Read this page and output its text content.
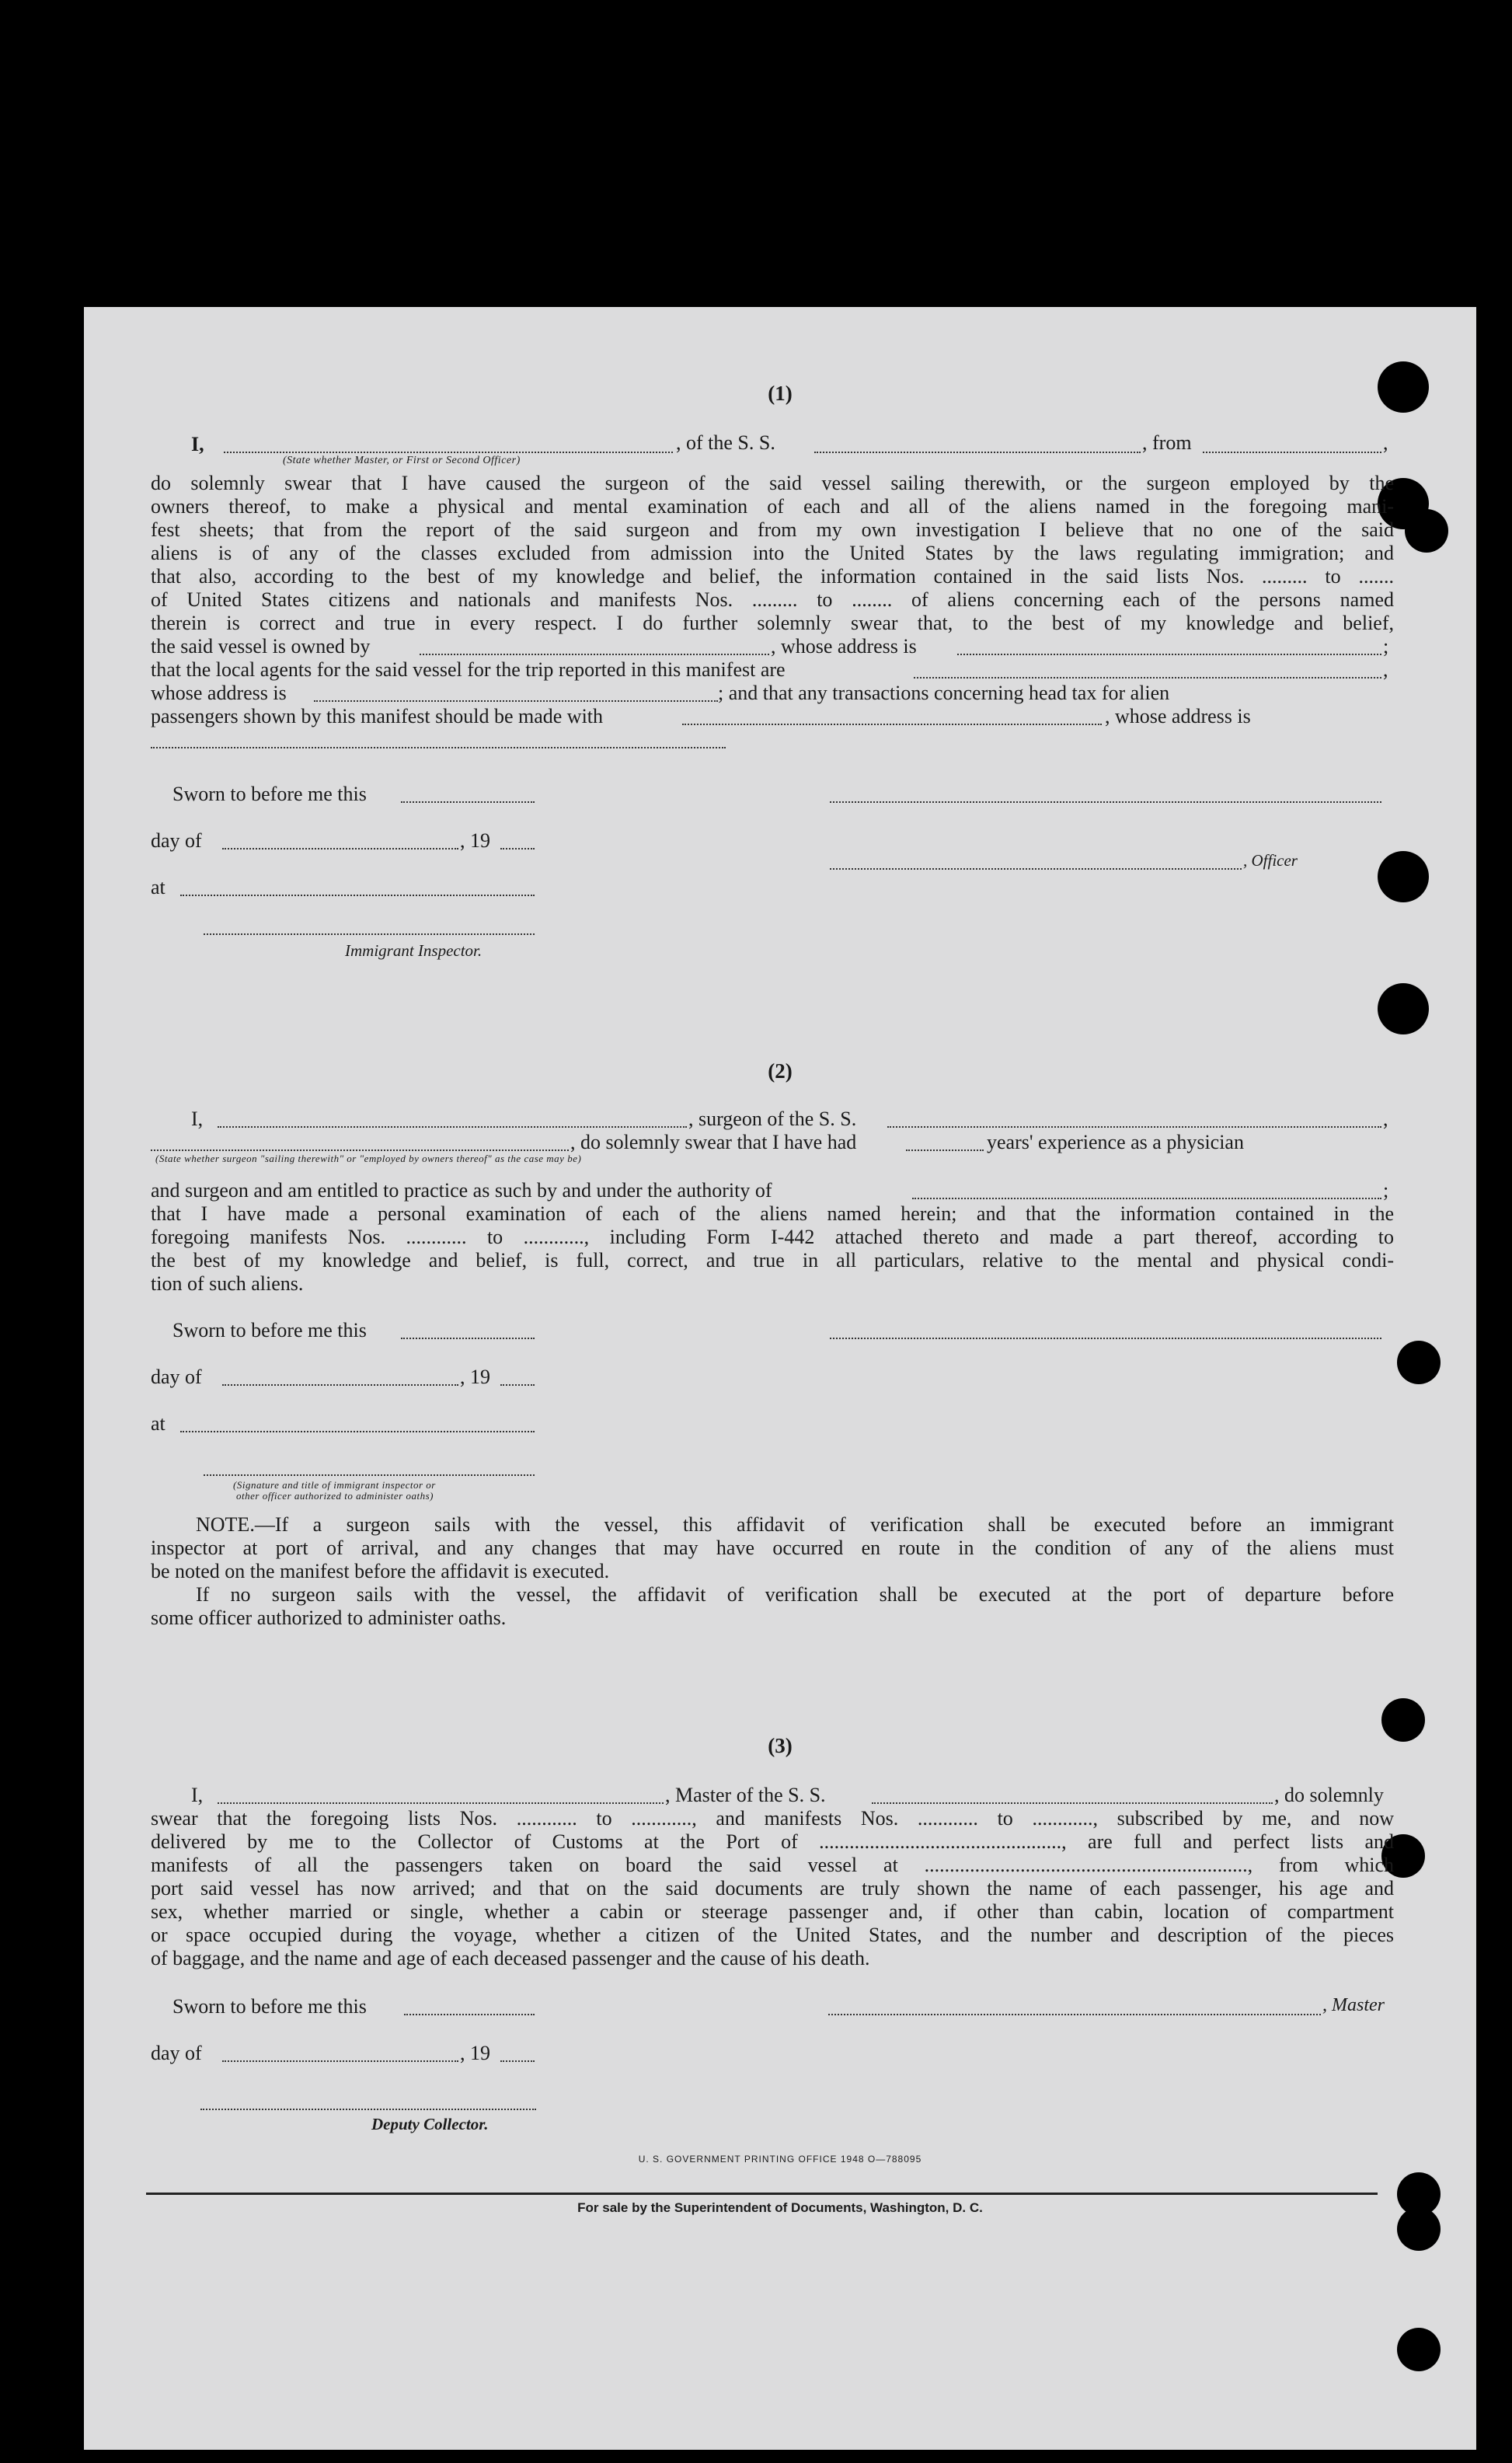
(1)
I,	, of the S. S.	, from	,
(State whether Master, or First or Second Officer)
do solemnly swear that I have caused the surgeon of the said vessel sailing therewith, or the surgeon employed by the
owners thereof, to make a physical and mental examination of each and all of the aliens named in the foregoing mani-
fest sheets; that from the report of the said surgeon and from my own investigation I believe that no one of the said
aliens is of any of the classes excluded from admission into the United States by the laws regulating immigration; and
that also, according to the best of my knowledge and belief, the information contained in the said lists Nos. ......... to .......
of United States citizens and nationals and manifests Nos. ......... to ........ of aliens concerning each of the persons named
therein is correct and true in every respect. I do further solemnly swear that, to the best of my knowledge and belief,
the said vessel is owned by	, whose address is	;
that the local agents for the said vessel for the trip reported in this manifest are	,
whose address is	; and that any transactions concerning head tax for alien
passengers shown by this manifest should be made with	, whose address is
Sworn to before me this
day of	, 19
, Officer
at
Immigrant Inspector.
(2)
I,	, surgeon of the S. S.	,
, do solemnly swear that I have had	years' experience as a physician
(State whether surgeon "sailing therewith" or "employed by owners thereof" as the case may be)
and surgeon and am entitled to practice as such by and under the authority of	;
that I have made a personal examination of each of the aliens named herein; and that the information contained in the
foregoing manifests Nos. ............ to ............, including Form I-442 attached thereto and made a part thereof, according to
the best of my knowledge and belief, is full, correct, and true in all particulars, relative to the mental and physical condi-
tion of such aliens.
Sworn to before me this
day of	, 19
at
(Signature and title of immigrant inspector or
other officer authorized to administer oaths)
NOTE.—If a surgeon sails with the vessel, this affidavit of verification shall be executed before an immigrant
inspector at port of arrival, and any changes that may have occurred en route in the condition of any of the aliens must
be noted on the manifest before the affidavit is executed.
If no surgeon sails with the vessel, the affidavit of verification shall be executed at the port of departure before
some officer authorized to administer oaths.
(3)
I,	, Master of the S. S.	, do solemnly
swear that the foregoing lists Nos. ............ to ............, and manifests Nos. ............ to ............, subscribed by me, and now
delivered by me to the Collector of Customs at the Port of ................................................, are full and perfect lists and
manifests of all the passengers taken on board the said vessel at ................................................................, from which
port said vessel has now arrived; and that on the said documents are truly shown the name of each passenger, his age and
sex, whether married or single, whether a cabin or steerage passenger and, if other than cabin, location of compartment
or space occupied during the voyage, whether a citizen of the United States, and the number and description of the pieces
of baggage, and the name and age of each deceased passenger and the cause of his death.
Sworn to before me this	, Master
day of	, 19
Deputy Collector.
U. S. GOVERNMENT PRINTING OFFICE 1948 O—788095
For sale by the Superintendent of Documents, Washington, D. C.
